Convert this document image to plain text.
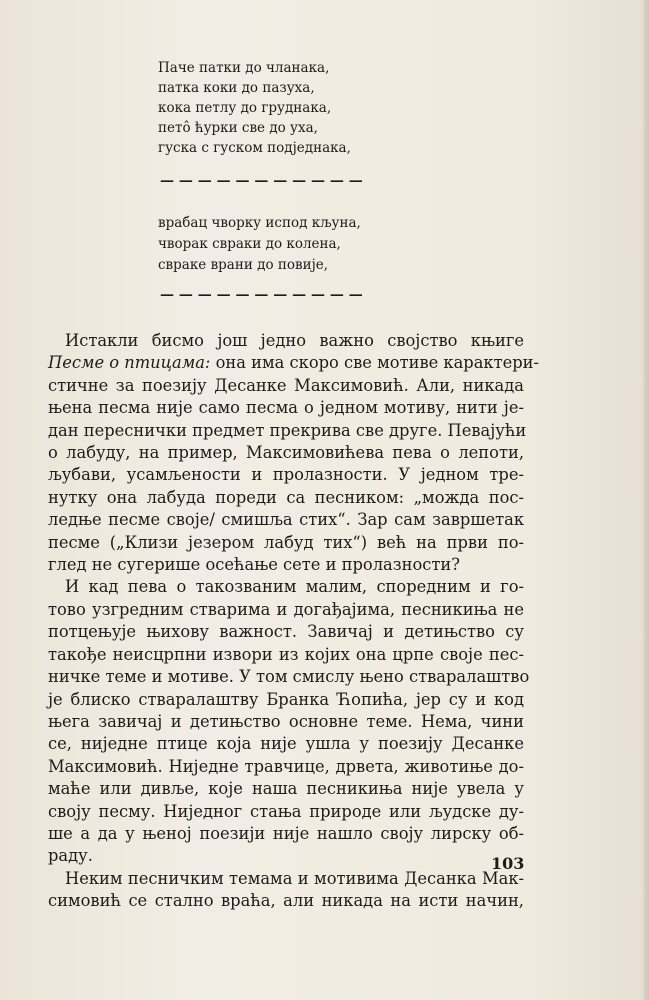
Паче патки до чланака,
патка коки до пазуха,
кока петлу до груднака,
петô ћурки све до уха,
гуска с гуском подједнака,
— — — — — — — — — — —
врабац чворку испод кљуна,
чворак свраки до колена,
свраке врани до повије,
— — — — — — — — — — —

Истакли бисмо још једно важно својство књиге
Песме о птицама: она има скоро све мотиве карактери-
стичне за поезију Десанке Максимовић. Али, никада
њена песма није само песма о једном мотиву, нити је-
дан переснички предмет прекрива све друге. Певајући
о лабуду, на пример, Максимовићева пева о лепоти,
љубави, усамљености и пролазности. У једном тре-
нутку она лабуда пореди са песником: „можда пос-
ледње песме своје/ смишља стих“. Зар сам завршетак
песме („Клизи језером лабуд тих“) већ на први по-
глед не сугерише осећање сете и пролазности?

И кад пева о такозваним малим, споредним и го-
тово узгредним стварима и догађајима, песникиња не
потцењује њихову важност. Завичај и детињство су
такође неисцрпни извори из којих она црпе своје пес-
ничке теме и мотиве. У том смислу њено стваралаштво
је блиско стваралаштву Бранка Ћопића, јер су и код
њега завичај и детињство основне теме. Нема, чини
се, ниједне птице која није ушла у поезију Десанке
Максимовић. Ниједне травчице, дрвета, животиње до-
маће или дивље, које наша песникиња није увела у
своју песму. Ниједног стања природе или људске ду-
ше а да у њеној поезији није нашло своју лирску об-
раду.

Неким песничким темама и мотивима Десанка Мак-
симовић се стално враћа, али никада на исти начин,

103
